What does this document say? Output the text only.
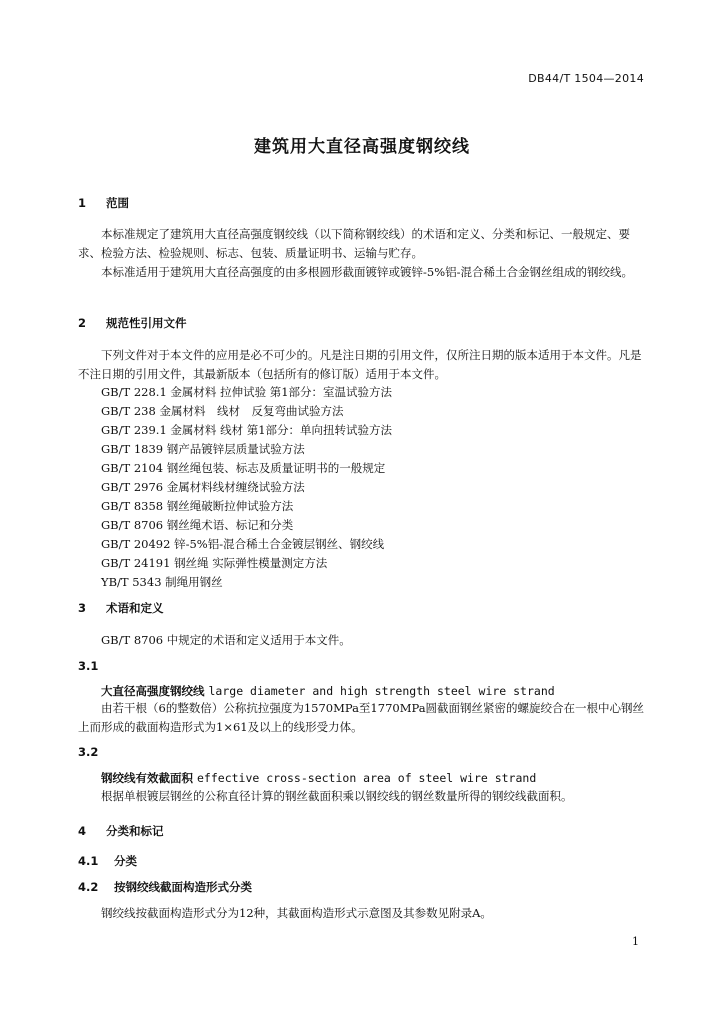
DB44/T 1504—2014
建筑用大直径高强度钢绞线
1 范围

本标准规定了建筑用大直径高强度钢绞线（以下简称钢绞线）的术语和定义、分类和标记、一般规定、要求、检验方法、检验规则、标志、包装、质量证明书、运输与贮存。

本标准适用于建筑用大直径高强度的由多根圆形截面镀锌或镀锌-5%铝-混合稀土合金钢丝组成的钢绞线。

2 规范性引用文件

下列文件对于本文件的应用是必不可少的。凡是注日期的引用文件，仅所注日期的版本适用于本文件。凡是不注日期的引用文件，其最新版本（包括所有的修订版）适用于本文件。

GB/T 228.1 金属材料 拉伸试验 第1部分：室温试验方法
GB/T 238 金属材料　线材　反复弯曲试验方法
GB/T 239.1 金属材料 线材 第1部分：单向扭转试验方法
GB/T 1839 钢产品镀锌层质量试验方法
GB/T 2104 钢丝绳包装、标志及质量证明书的一般规定
GB/T 2976 金属材料线材缠绕试验方法
GB/T 8358 钢丝绳破断拉伸试验方法
GB/T 8706 钢丝绳术语、标记和分类
GB/T 20492 锌-5%铝-混合稀土合金镀层钢丝、钢绞线
GB/T 24191 钢丝绳 实际弹性模量测定方法
YB/T 5343 制绳用钢丝
3 术语和定义
GB/T 8706 中规定的术语和定义适用于本文件。
3.1
大直径高强度钢绞线 large diameter and high strength steel wire strand

由若干根（6的整数倍）公称抗拉强度为1570MPa至1770MPa圆截面钢丝紧密的螺旋绞合在一根中心钢丝上而形成的截面构造形式为1×61及以上的线形受力体。

3.2
钢绞线有效截面积 effective cross-section area of steel wire strand
根据单根镀层钢丝的公称直径计算的钢丝截面积乘以钢绞线的钢丝数量所得的钢绞线截面积。
4 分类和标记
4.1 分类
4.2 按钢绞线截面构造形式分类
钢绞线按截面构造形式分为12种，其截面构造形式示意图及其参数见附录A。
1
